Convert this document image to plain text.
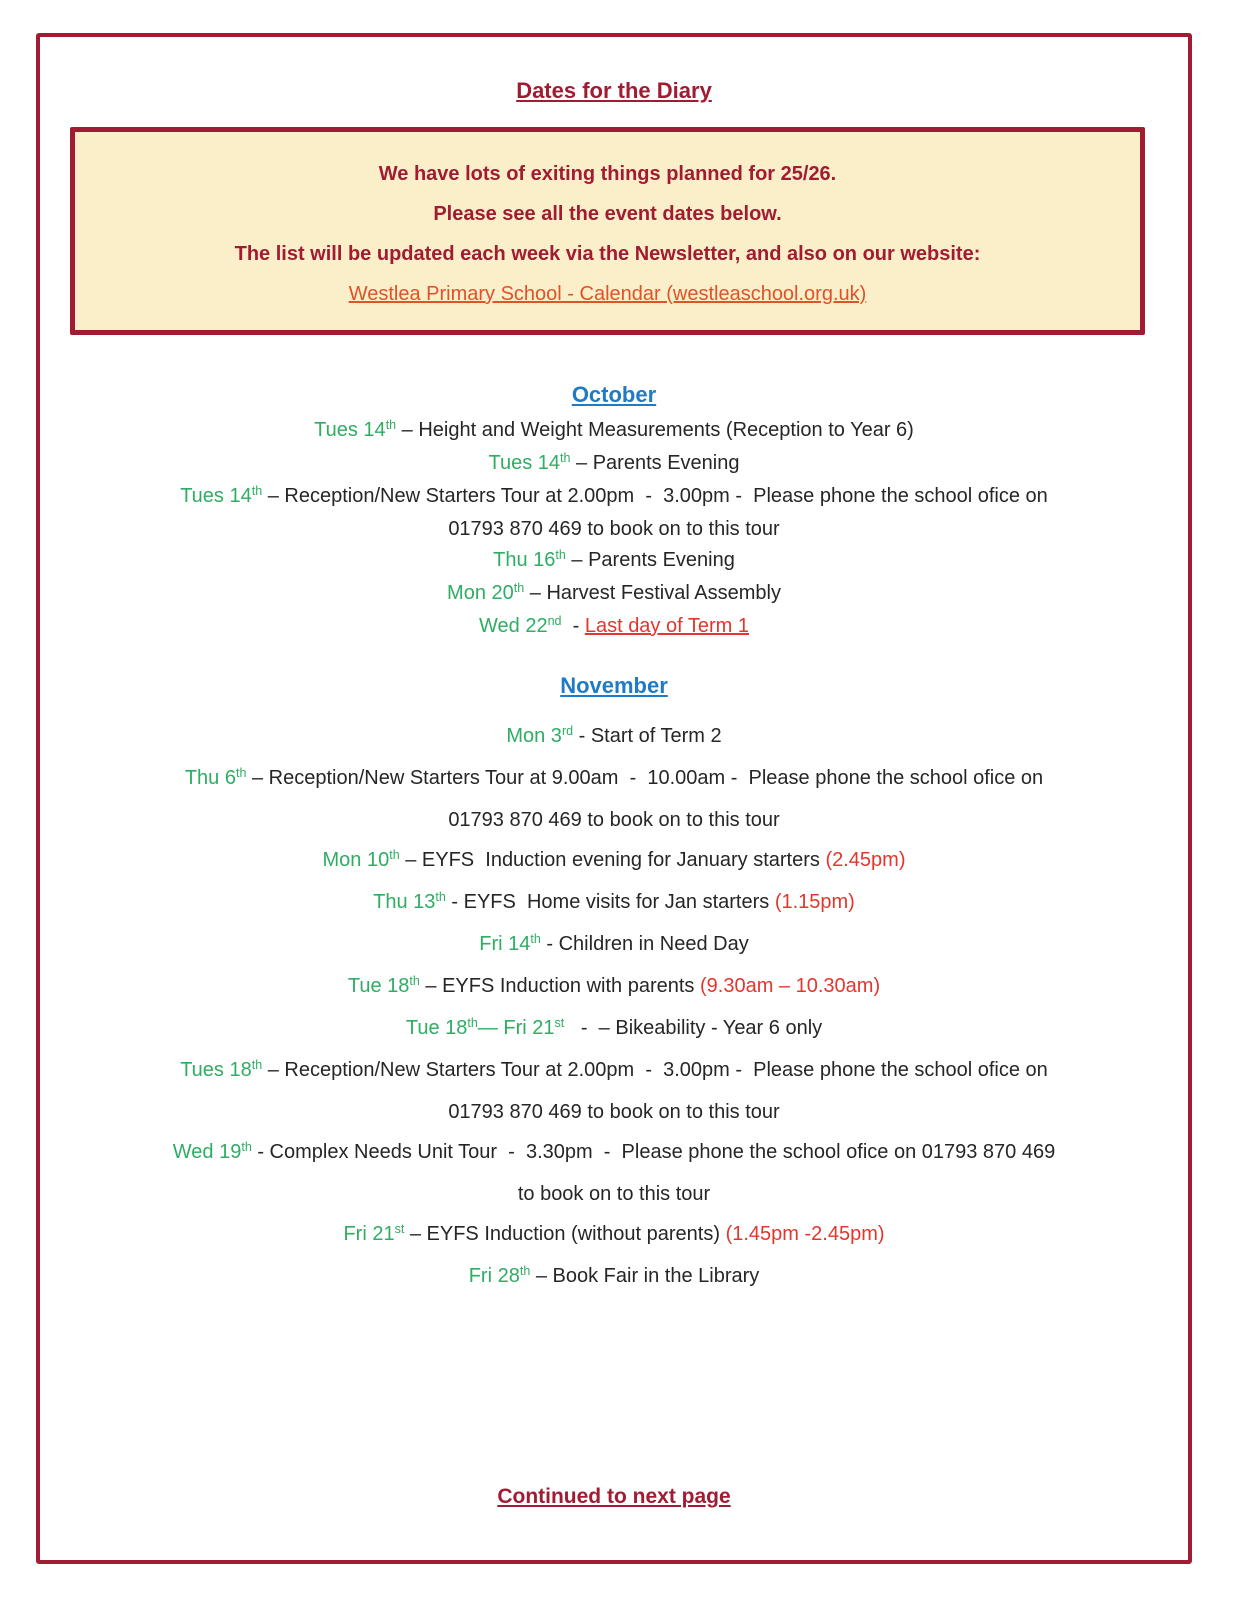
Dates for the Diary
We have lots of exiting things planned for 25/26.
Please see all the event dates below.
The list will be updated each week via the Newsletter, and also on our website:
Westlea Primary School - Calendar (westleaschool.org.uk)
October
Tues 14th – Height and Weight Measurements (Reception to Year 6)
Tues 14th – Parents Evening
Tues 14th – Reception/New Starters Tour at 2.00pm  -  3.00pm -  Please phone the school ofice on
01793 870 469 to book on to this tour
Thu 16th – Parents Evening
Mon 20th – Harvest Festival Assembly
Wed 22nd  - Last day of Term 1
November
Mon 3rd - Start of Term 2
Thu 6th – Reception/New Starters Tour at 9.00am  -  10.00am -  Please phone the school ofice on
01793 870 469 to book on to this tour
Mon 10th – EYFS  Induction evening for January starters (2.45pm)
Thu 13th - EYFS  Home visits for Jan starters (1.15pm)
Fri 14th - Children in Need Day
Tue 18th – EYFS Induction with parents (9.30am – 10.30am)
Tue 18th— Fri 21st   -  – Bikeability - Year 6 only
Tues 18th – Reception/New Starters Tour at 2.00pm  -  3.00pm -  Please phone the school ofice on
01793 870 469 to book on to this tour
Wed 19th - Complex Needs Unit Tour  -  3.30pm  -  Please phone the school ofice on 01793 870 469
to book on to this tour
Fri 21st – EYFS Induction (without parents) (1.45pm -2.45pm)
Fri 28th – Book Fair in the Library
Continued to next page
